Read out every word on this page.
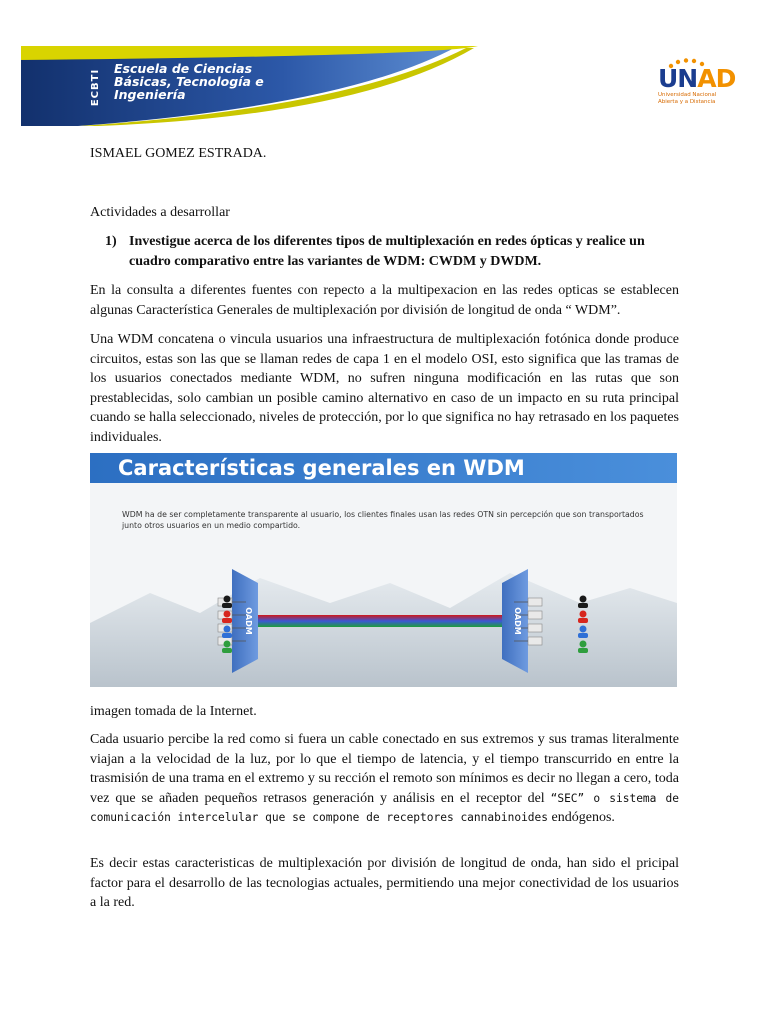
ECBTI Escuela de Ciencias
Básicas, Tecnología e
Ingeniería
UNAD
Universidad Nacional
Abierta y a Distancia
ISMAEL GOMEZ ESTRADA.
Actividades a desarrollar
1) Investigue acerca de los diferentes tipos de multiplexación en redes ópticas y realice un cuadro comparativo entre las variantes de WDM: CWDM y DWDM.
En la consulta a diferentes fuentes con repecto a la multipexacion en las redes opticas se establecen algunas Característica Generales de multiplexación por división de longitud de onda “ WDM”.
Una WDM concatena o vincula usuarios una infraestructura de multiplexación fotónica donde produce circuitos, estas son las que se llaman redes de capa 1 en el modelo OSI, esto significa que las tramas de los usuarios conectados mediante WDM, no sufren ninguna modificación en las rutas que son prestablecidas, solo cambian un posible camino alternativo en caso de un impacto en su ruta principal cuando se halla seleccionado, niveles de protección, por lo que significa no hay retrasado en los paquetes individuales.
OADM	OADM
Características generales en WDM
WDM ha de ser completamente transparente al usuario, los clientes finales usan las redes OTN sin percepción que son transportados junto otros usuarios en un medio compartido.
imagen tomada de la Internet.
Cada usuario percibe la red como si fuera un cable conectado en sus extremos y sus tramas literalmente viajan a la velocidad de la luz, por lo que el tiempo de latencia, y el tiempo transcurrido en entre la trasmisión de una trama en el extremo y su rección el remoto son mínimos es decir no llegan a cero, toda vez que se añaden pequeños retrasos generación y análisis en el receptor del “SEC” o sistema de comunicación intercelular que se compone de receptores cannabinoides endógenos.
Es decir estas caracteristicas de multiplexación por división de longitud de onda, han sido el pricipal factor para el desarrollo de las tecnologias actuales, permitiendo una mejor conectividad de los usuarios a la red.
